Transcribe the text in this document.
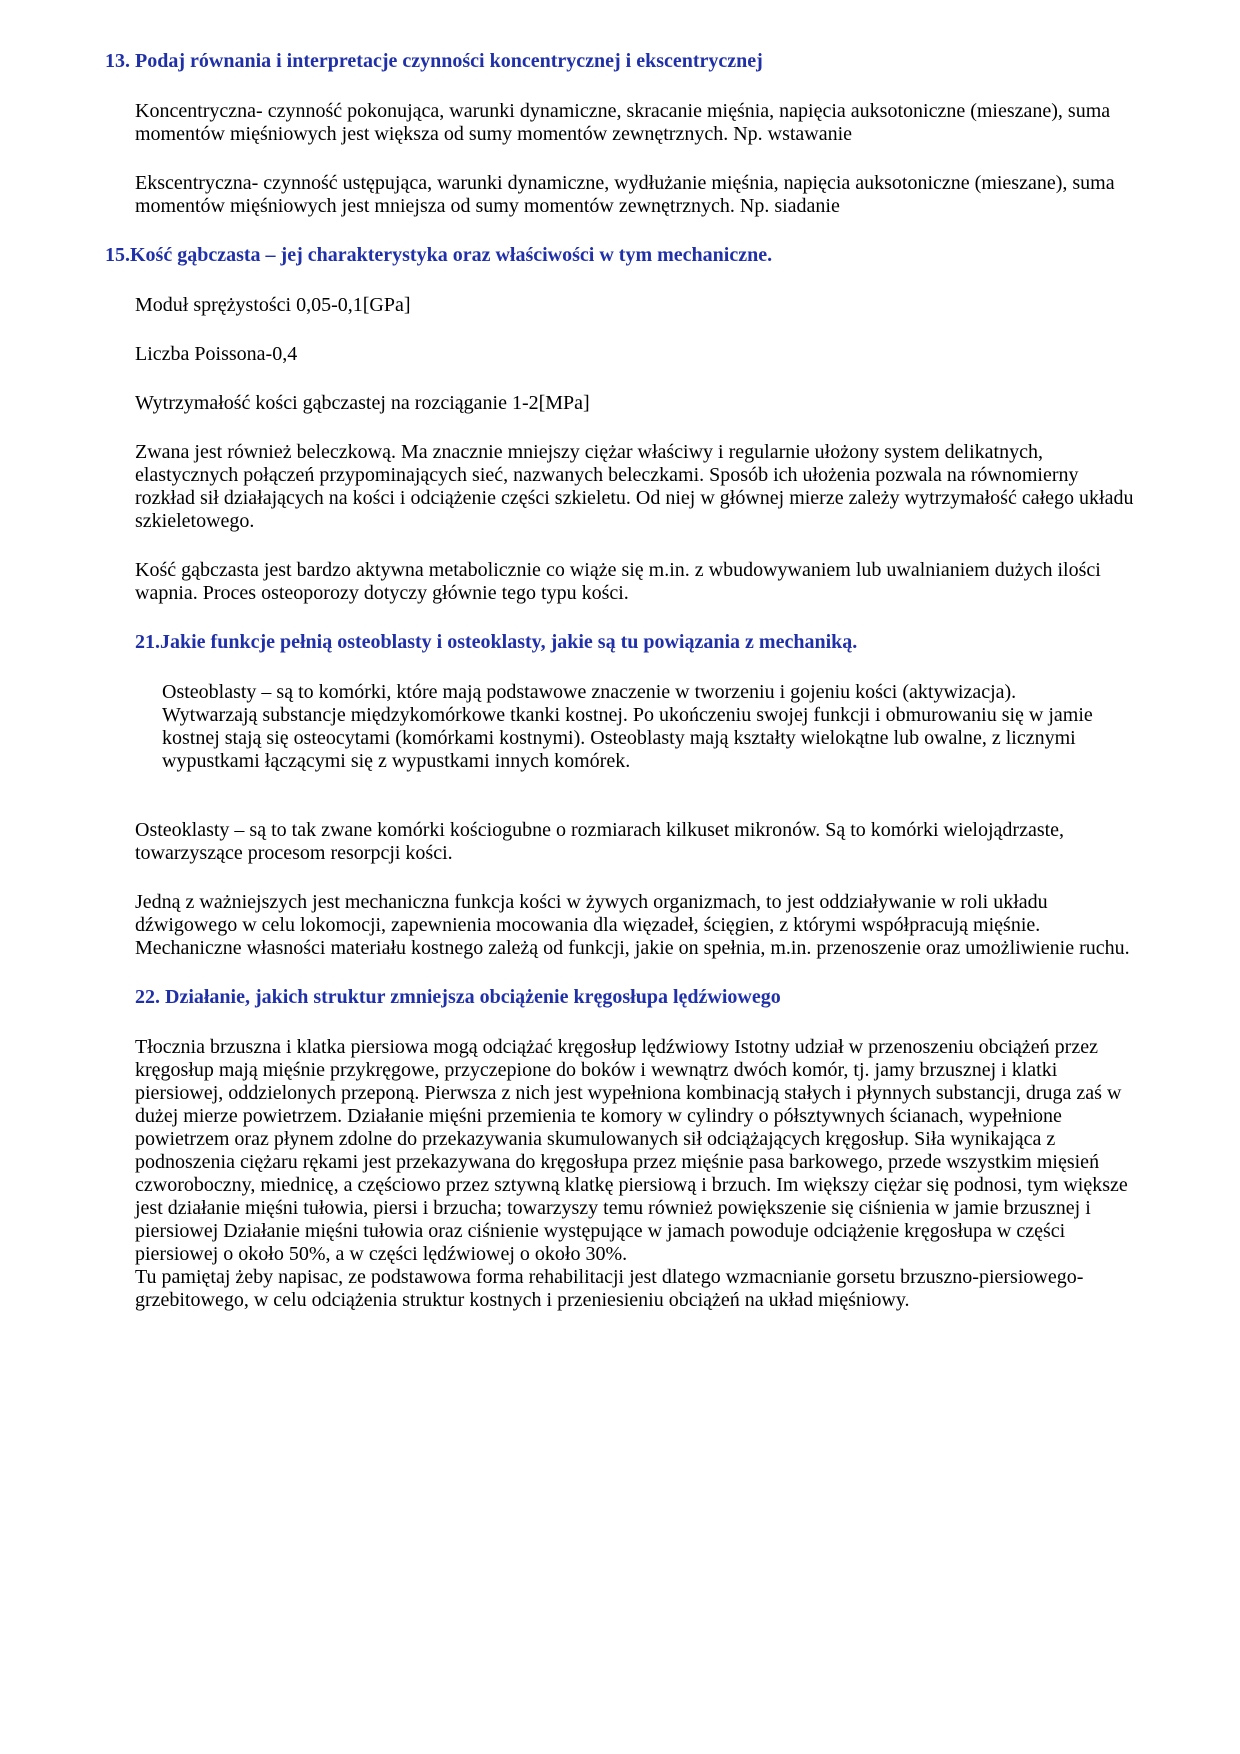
13. Podaj równania i interpretacje czynności koncentrycznej i ekscentrycznej

Koncentryczna- czynność pokonująca, warunki dynamiczne, skracanie mięśnia, napięcia auksotoniczne (mieszane), suma momentów mięśniowych jest większa od sumy momentów zewnętrznych. Np. wstawanie

Ekscentryczna- czynność ustępująca, warunki dynamiczne, wydłużanie mięśnia, napięcia auksotoniczne (mieszane), suma momentów mięśniowych jest mniejsza od sumy momentów zewnętrznych. Np. siadanie

15.Kość gąbczasta – jej charakterystyka oraz właściwości w tym mechaniczne.

Moduł sprężystości 0,05-0,1[GPa]

Liczba Poissona-0,4

Wytrzymałość kości gąbczastej na rozciąganie 1-2[MPa]

Zwana jest również beleczkową. Ma znacznie mniejszy ciężar właściwy i regularnie ułożony system delikatnych, elastycznych połączeń przypominających sieć, nazwanych beleczkami. Sposób ich ułożenia pozwala na równomierny rozkład sił działających na kości i odciążenie części szkieletu. Od niej w głównej mierze zależy wytrzymałość całego układu szkieletowego.

Kość gąbczasta jest bardzo aktywna metabolicznie co wiąże się m.in. z wbudowywaniem lub uwalnianiem dużych ilości wapnia. Proces osteoporozy dotyczy głównie tego typu kości.

21.Jakie funkcje pełnią osteoblasty i osteoklasty, jakie są tu powiązania z mechaniką.

Osteoblasty – są to komórki, które mają podstawowe znaczenie w tworzeniu i gojeniu kości (aktywizacja). Wytwarzają substancje międzykomórkowe tkanki kostnej. Po ukończeniu swojej funkcji i obmurowaniu się w jamie kostnej stają się osteocytami (komórkami kostnymi). Osteoblasty mają kształty wielokątne lub owalne, z licznymi wypustkami łączącymi się z wypustkami innych komórek.

Osteoklasty – są to tak zwane komórki kościogubne o rozmiarach kilkuset mikronów. Są to komórki wielojądrzaste, towarzyszące procesom resorpcji kości.

Jedną z ważniejszych jest mechaniczna funkcja kości w żywych organizmach, to jest oddziaływanie w roli układu dźwigowego w celu lokomocji, zapewnienia mocowania dla więzadeł, ścięgien, z którymi współpracują mięśnie. Mechaniczne własności materiału kostnego zależą od funkcji, jakie on spełnia, m.in. przenoszenie oraz umożliwienie ruchu.

22. Działanie, jakich struktur zmniejsza obciążenie kręgosłupa lędźwiowego

Tłocznia brzuszna i klatka piersiowa mogą odciążać kręgosłup lędźwiowy Istotny udział w przenoszeniu obciążeń przez kręgosłup mają mięśnie przykręgowe, przyczepione do boków i wewnątrz dwóch komór, tj. jamy brzusznej i klatki piersiowej, oddzielonych przeponą. Pierwsza z nich jest wypełniona kombinacją stałych i płynnych substancji, druga zaś w dużej mierze powietrzem. Działanie mięśni przemienia te komory w cylindry o półsztywnych ścianach, wypełnione powietrzem oraz płynem zdolne do przekazywania skumulowanych sił odciążających kręgosłup. Siła wynikająca z podnoszenia ciężaru rękami jest przekazywana do kręgosłupa przez mięśnie pasa barkowego, przede wszystkim mięsień czworoboczny, miednicę, a częściowo przez sztywną klatkę piersiową i brzuch. Im większy ciężar się podnosi, tym większe jest działanie mięśni tułowia, piersi i brzucha; towarzyszy temu również powiększenie się ciśnienia w jamie brzusznej i piersiowej Działanie mięśni tułowia oraz ciśnienie występujące w jamach powoduje odciążenie kręgosłupa w części piersiowej o około 50%, a w części lędźwiowej o około 30%.

Tu pamiętaj żeby napisac, ze podstawowa forma rehabilitacji jest dlatego wzmacnianie gorsetu brzuszno-piersiowego-grzebitowego, w celu odciążenia struktur kostnych i przeniesieniu obciążeń na układ mięśniowy.
